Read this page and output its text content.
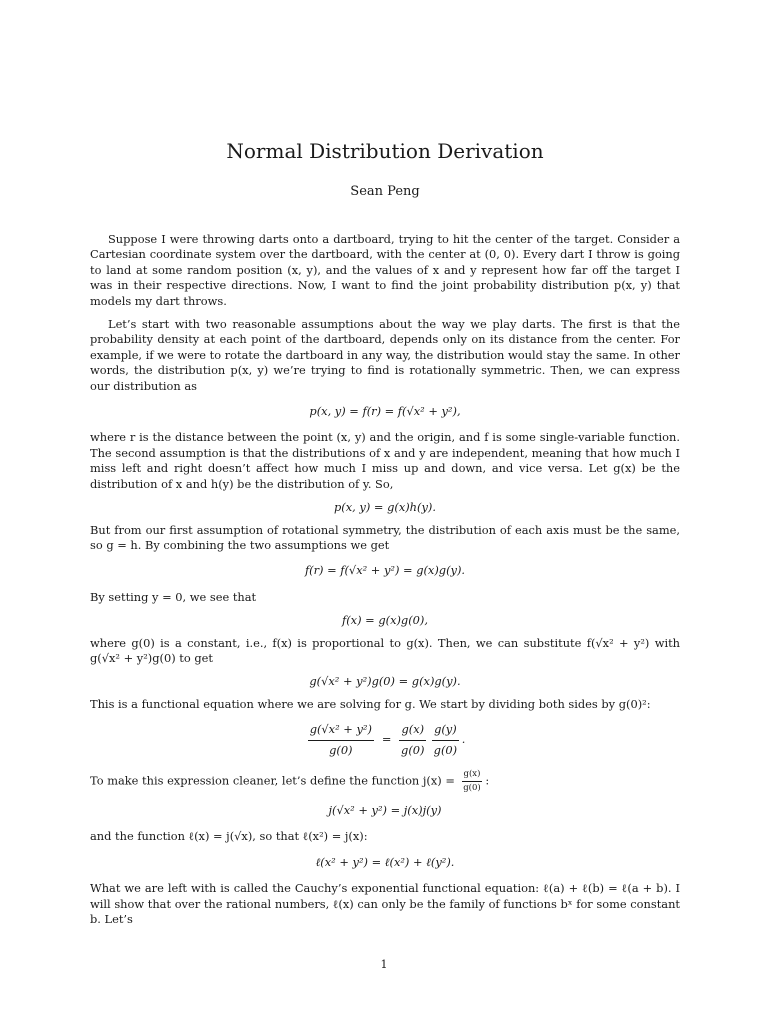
Normal Distribution Derivation
Sean Peng

Suppose I were throwing darts onto a dartboard, trying to hit the center of the target. Consider a Cartesian coordinate system over the dartboard, with the center at (0, 0). Every dart I throw is going to land at some random position (x, y), and the values of x and y represent how far off the target I was in their respective directions. Now, I want to find the joint probability distribution p(x, y) that models my dart throws.

Let’s start with two reasonable assumptions about the way we play darts. The first is that the probability density at each point of the dartboard, depends only on its distance from the center. For example, if we were to rotate the dartboard in any way, the distribution would stay the same. In other words, the distribution p(x, y) we’re trying to find is rotationally symmetric. Then, we can express our distribution as

p(x, y) = f(r) = f(√x² + y²),

where r is the distance between the point (x, y) and the origin, and f is some single-variable function. The second assumption is that the distributions of x and y are independent, meaning that how much I miss left and right doesn’t affect how much I miss up and down, and vice versa. Let g(x) be the distribution of x and h(y) be the distribution of y. So,

p(x, y) = g(x)h(y).

But from our first assumption of rotational symmetry, the distribution of each axis must be the same, so g = h. By combining the two assumptions we get

f(r) = f(√x² + y²) = g(x)g(y).

By setting y = 0, we see that

f(x) = g(x)g(0),

where g(0) is a constant, i.e., f(x) is proportional to g(x). Then, we can substitute f(√x² + y²) with g(√x² + y²)g(0) to get

g(√x² + y²)g(0) = g(x)g(y).

This is a functional equation where we are solving for g. We start by dividing both sides by g(0)²:

$\frac{\text{g(√x² + y²)}}{g(0)} = \frac{g(x)}{g(0)} \frac{g(y)}{g(0)}$ .

To make this expression cleaner, let’s define the function $j(x) = \frac{g(x)}{g(0)}$ :

j(√x² + y²) = j(x)j(y)

and the function ℓ(x) = j(√x), so that ℓ(x²) = j(x):

ℓ(x² + y²) = ℓ(x²) + ℓ(y²).

What we are left with is called the Cauchy’s exponential functional equation: ℓ(a) + ℓ(b) = ℓ(a + b). I will show that over the rational numbers, ℓ(x) can only be the family of functions bˣ for some constant b. Let’s

1
